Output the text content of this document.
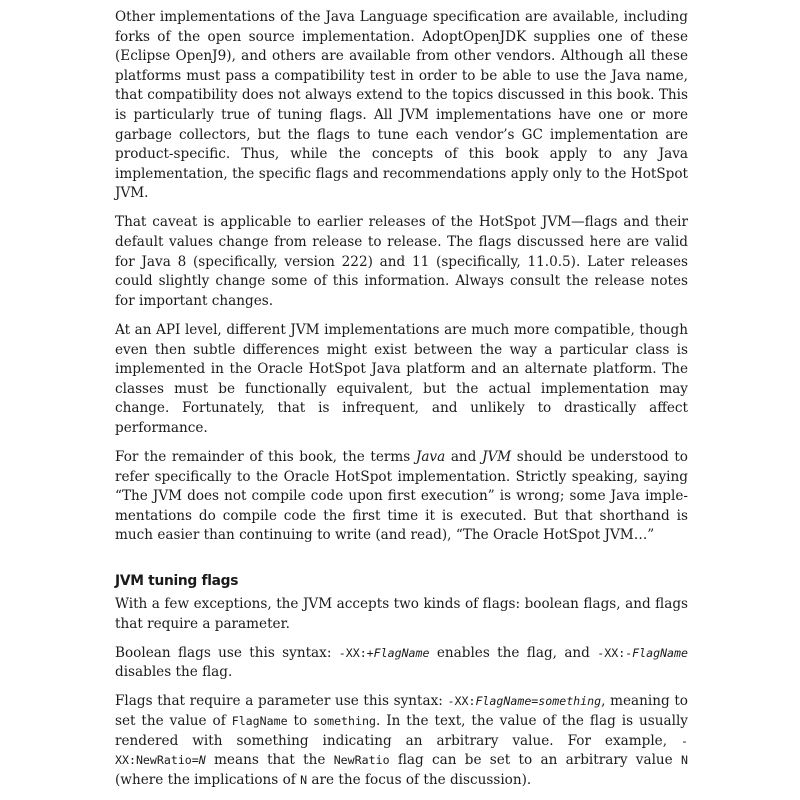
Other implementations of the Java Language specification are available, including forks of the open source implementation. AdoptOpenJDK supplies one of these (Eclipse OpenJ9), and others are available from other vendors. Although all these platforms must pass a compatibility test in order to be able to use the Java name, that compatibility does not always extend to the topics discussed in this book. This is particularly true of tuning flags. All JVM implementations have one or more garbage collectors, but the flags to tune each vendor’s GC implementation are product-specific. Thus, while the concepts of this book apply to any Java implementation, the specific flags and recommendations apply only to the HotSpot JVM.

That caveat is applicable to earlier releases of the HotSpot JVM—flags and their default values change from release to release. The flags discussed here are valid for Java 8 (specifically, version 222) and 11 (specifically, 11.0.5). Later releases could slightly change some of this information. Always consult the release notes for important changes.

At an API level, different JVM implementations are much more compatible, though even then subtle differences might exist between the way a particular class is implemented in the Oracle HotSpot Java platform and an alternate platform. The classes must be functionally equivalent, but the actual implementation may change. Fortunately, that is infrequent, and unlikely to drastically affect performance.

For the remainder of this book, the terms Java and JVM should be understood to refer specifically to the Oracle HotSpot implementation. Strictly speaking, saying “The JVM does not compile code upon first execution” is wrong; some Java implementations do compile code the first time it is executed. But that shorthand is much easier than continuing to write (and read), “The Oracle HotSpot JVM…”

JVM tuning flags

With a few exceptions, the JVM accepts two kinds of flags: boolean flags, and flags that require a parameter.

Boolean flags use this syntax: -XX:+FlagName enables the flag, and -XX:-FlagName disables the flag.

Flags that require a parameter use this syntax: -XX:FlagName=something, meaning to set the value of FlagName to something. In the text, the value of the flag is usually rendered with something indicating an arbitrary value. For example, -XX:NewRatio=N means that the NewRatio flag can be set to an arbitrary value N (where the implications of N are the focus of the discussion).
